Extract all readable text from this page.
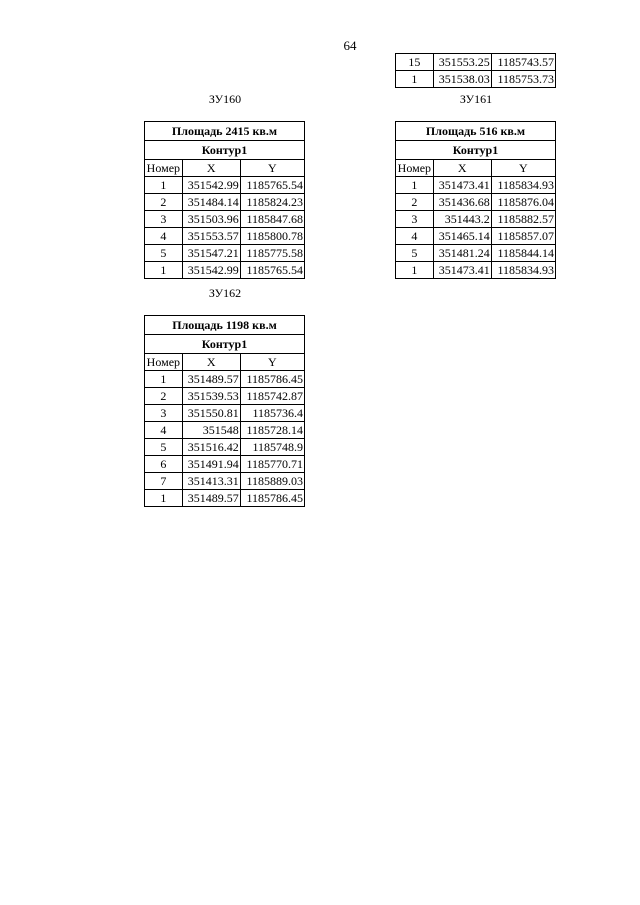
64
15	351553.25	1185743.57
1	351538.03	1185753.73
ЗУ160	ЗУ161
Площадь 2415 кв.м		
Контур1		
Номер	X	Y
1	351542.99	1185765.54
2	351484.14	1185824.23
3	351503.96	1185847.68
4	351553.57	1185800.78
5	351547.21	1185775.58
1	351542.99	1185765.54
Площадь 516 кв.м		
Контур1		
Номер	X	Y
1	351473.41	1185834.93
2	351436.68	1185876.04
3	351443.2	1185882.57
4	351465.14	1185857.07
5	351481.24	1185844.14
1	351473.41	1185834.93
ЗУ162
Площадь 1198 кв.м		
Контур1		
Номер	X	Y
1	351489.57	1185786.45
2	351539.53	1185742.87
3	351550.81	1185736.4
4	351548	1185728.14
5	351516.42	1185748.9
6	351491.94	1185770.71
7	351413.31	1185889.03
1	351489.57	1185786.45
